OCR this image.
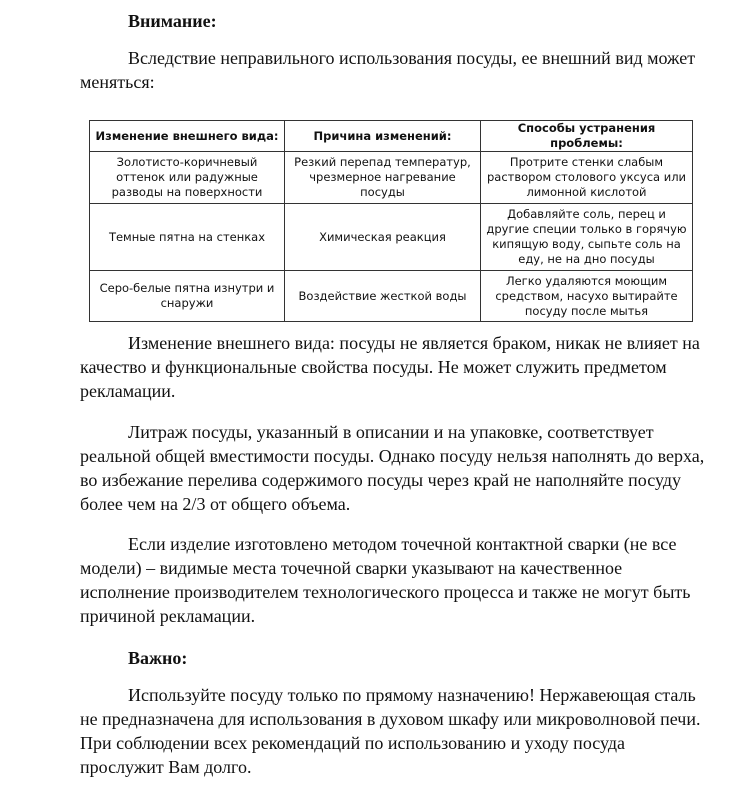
Внимание:

Вследствие неправильного использования посуды, ее внешний вид может меняться:

Изменение внешнего вида:	Причина изменений:	Способы устранения проблемы:
Золотисто-коричневый оттенок или радужные разводы на поверхности	Резкий перепад температур, чрезмерное нагревание посуды	Протрите стенки слабым раствором столового уксуса или лимонной кислотой
Темные пятна на стенках	Химическая реакция	Добавляйте соль, перец и другие специи только в горячую кипящую воду, сыпьте соль на еду, не на дно посуды
Серо-белые пятна изнутри и снаружи	Воздействие жесткой воды	Легко удаляются моющим средством, насухо вытирайте посуду после мытья

Изменение внешнего вида: посуды не является браком, никак не влияет на качество и функциональные свойства посуды. Не может служить предметом рекламации.

Литраж посуды, указанный в описании и на упаковке, соответствует реальной общей вместимости посуды. Однако посуду нельзя наполнять до верха, во избежание перелива содержимого посуды через край не наполняйте посуду более чем на 2/3 от общего объема.

Если изделие изготовлено методом точечной контактной сварки (не все модели) – видимые места точечной сварки указывают на качественное исполнение производителем технологического процесса и также не могут быть причиной рекламации.

Важно:

Используйте посуду только по прямому назначению! Нержавеющая сталь не предназначена для использования в духовом шкафу или микроволновой печи. При соблюдении всех рекомендаций по использованию и уходу посуда прослужит Вам долго.
